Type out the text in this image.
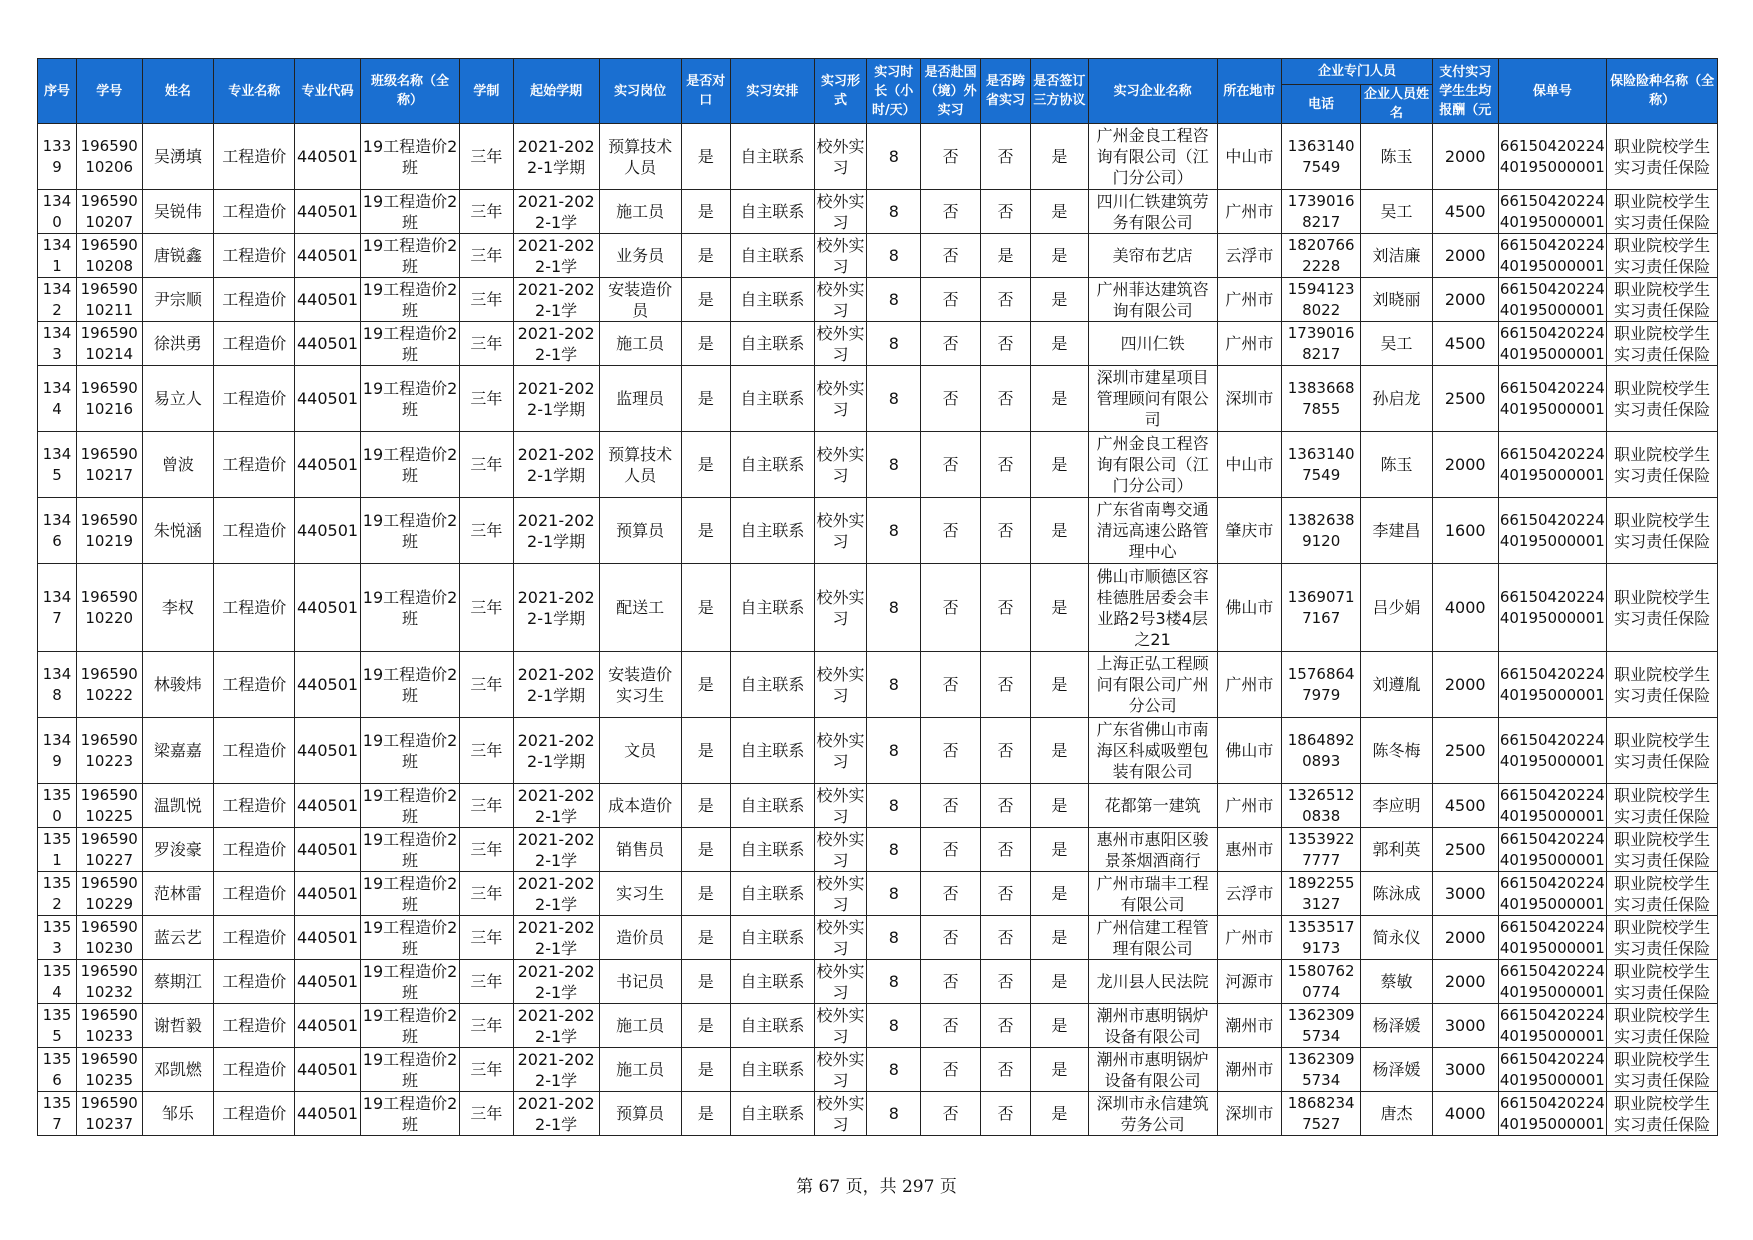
序号	学号	姓名	专业名称	专业代码	班级名称（全称）	学制	起始学期	实习岗位	是否对口	实习安排	实习形式	实习时长（小时/天）	是否赴国（境）外实习	是否跨省实习	是否签订三方协议	实习企业名称	所在地市	企业专门人员		支付实习学生生均报酬（元	保单号	保险险种名称（全称）
																		电话	企业人员姓名			
1339	19659010206	吴湧填	工程造价	440501	19工程造价2班	三年	2021-2022-1学期	预算技术人员	是	自主联系	校外实习	8	否	否	是	广州金良工程咨询有限公司（江门分公司）	中山市	13631407549	陈玉	2000	6615042022440195000001	职业院校学生实习责任保险
1340	19659010207	吴锐伟	工程造价	440501	19工程造价2班	三年	2021-2022-1学	施工员	是	自主联系	校外实习	8	否	否	是	四川仁铁建筑劳务有限公司	广州市	17390168217	吴工	4500	6615042022440195000001	职业院校学生实习责任保险
1341	19659010208	唐锐鑫	工程造价	440501	19工程造价2班	三年	2021-2022-1学	业务员	是	自主联系	校外实习	8	否	是	是	美帘布艺店	云浮市	18207662228	刘洁廉	2000	6615042022440195000001	职业院校学生实习责任保险
1342	19659010211	尹宗顺	工程造价	440501	19工程造价2班	三年	2021-2022-1学	安装造价员	是	自主联系	校外实习	8	否	否	是	广州菲达建筑咨询有限公司	广州市	15941238022	刘晓丽	2000	6615042022440195000001	职业院校学生实习责任保险
1343	19659010214	徐洪勇	工程造价	440501	19工程造价2班	三年	2021-2022-1学	施工员	是	自主联系	校外实习	8	否	否	是	四川仁铁	广州市	17390168217	吴工	4500	6615042022440195000001	职业院校学生实习责任保险
1344	19659010216	易立人	工程造价	440501	19工程造价2班	三年	2021-2022-1学期	监理员	是	自主联系	校外实习	8	否	否	是	深圳市建星项目管理顾问有限公司	深圳市	13836687855	孙启龙	2500	6615042022440195000001	职业院校学生实习责任保险
1345	19659010217	曾波	工程造价	440501	19工程造价2班	三年	2021-2022-1学期	预算技术人员	是	自主联系	校外实习	8	否	否	是	广州金良工程咨询有限公司（江门分公司）	中山市	13631407549	陈玉	2000	6615042022440195000001	职业院校学生实习责任保险
1346	19659010219	朱悦涵	工程造价	440501	19工程造价2班	三年	2021-2022-1学期	预算员	是	自主联系	校外实习	8	否	否	是	广东省南粤交通清远高速公路管理中心	肇庆市	13826389120	李建昌	1600	6615042022440195000001	职业院校学生实习责任保险
1347	19659010220	李权	工程造价	440501	19工程造价2班	三年	2021-2022-1学期	配送工	是	自主联系	校外实习	8	否	否	是	佛山市顺德区容桂德胜居委会丰业路2号3楼4层之21	佛山市	13690717167	吕少娟	4000	6615042022440195000001	职业院校学生实习责任保险
1348	19659010222	林骏炜	工程造价	440501	19工程造价2班	三年	2021-2022-1学期	安装造价实习生	是	自主联系	校外实习	8	否	否	是	上海正弘工程顾问有限公司广州分公司	广州市	15768647979	刘遵胤	2000	6615042022440195000001	职业院校学生实习责任保险
1349	19659010223	梁嘉嘉	工程造价	440501	19工程造价2班	三年	2021-2022-1学期	文员	是	自主联系	校外实习	8	否	否	是	广东省佛山市南海区科威吸塑包装有限公司	佛山市	18648920893	陈冬梅	2500	6615042022440195000001	职业院校学生实习责任保险
1350	19659010225	温凯悦	工程造价	440501	19工程造价2班	三年	2021-2022-1学	成本造价	是	自主联系	校外实习	8	否	否	是	花都第一建筑	广州市	13265120838	李应明	4500	6615042022440195000001	职业院校学生实习责任保险
1351	19659010227	罗浚豪	工程造价	440501	19工程造价2班	三年	2021-2022-1学	销售员	是	自主联系	校外实习	8	否	否	是	惠州市惠阳区骏景茶烟酒商行	惠州市	13539227777	郭利英	2500	6615042022440195000001	职业院校学生实习责任保险
1352	19659010229	范林雷	工程造价	440501	19工程造价2班	三年	2021-2022-1学	实习生	是	自主联系	校外实习	8	否	否	是	广州市瑞丰工程有限公司	云浮市	18922553127	陈泳成	3000	6615042022440195000001	职业院校学生实习责任保险
1353	19659010230	蓝云艺	工程造价	440501	19工程造价2班	三年	2021-2022-1学	造价员	是	自主联系	校外实习	8	否	否	是	广州信建工程管理有限公司	广州市	13535179173	简永仪	2000	6615042022440195000001	职业院校学生实习责任保险
1354	19659010232	蔡期江	工程造价	440501	19工程造价2班	三年	2021-2022-1学	书记员	是	自主联系	校外实习	8	否	否	是	龙川县人民法院	河源市	15807620774	蔡敏	2000	6615042022440195000001	职业院校学生实习责任保险
1355	19659010233	谢哲毅	工程造价	440501	19工程造价2班	三年	2021-2022-1学	施工员	是	自主联系	校外实习	8	否	否	是	潮州市惠明锅炉设备有限公司	潮州市	13623095734	杨泽媛	3000	6615042022440195000001	职业院校学生实习责任保险
1356	19659010235	邓凯燃	工程造价	440501	19工程造价2班	三年	2021-2022-1学	施工员	是	自主联系	校外实习	8	否	否	是	潮州市惠明锅炉设备有限公司	潮州市	13623095734	杨泽媛	3000	6615042022440195000001	职业院校学生实习责任保险
1357	19659010237	邹乐	工程造价	440501	19工程造价2班	三年	2021-2022-1学	预算员	是	自主联系	校外实习	8	否	否	是	深圳市永信建筑劳务公司	深圳市	18682347527	唐杰	4000	6615042022440195000001	职业院校学生实习责任保险
第 67 页，共 297 页
